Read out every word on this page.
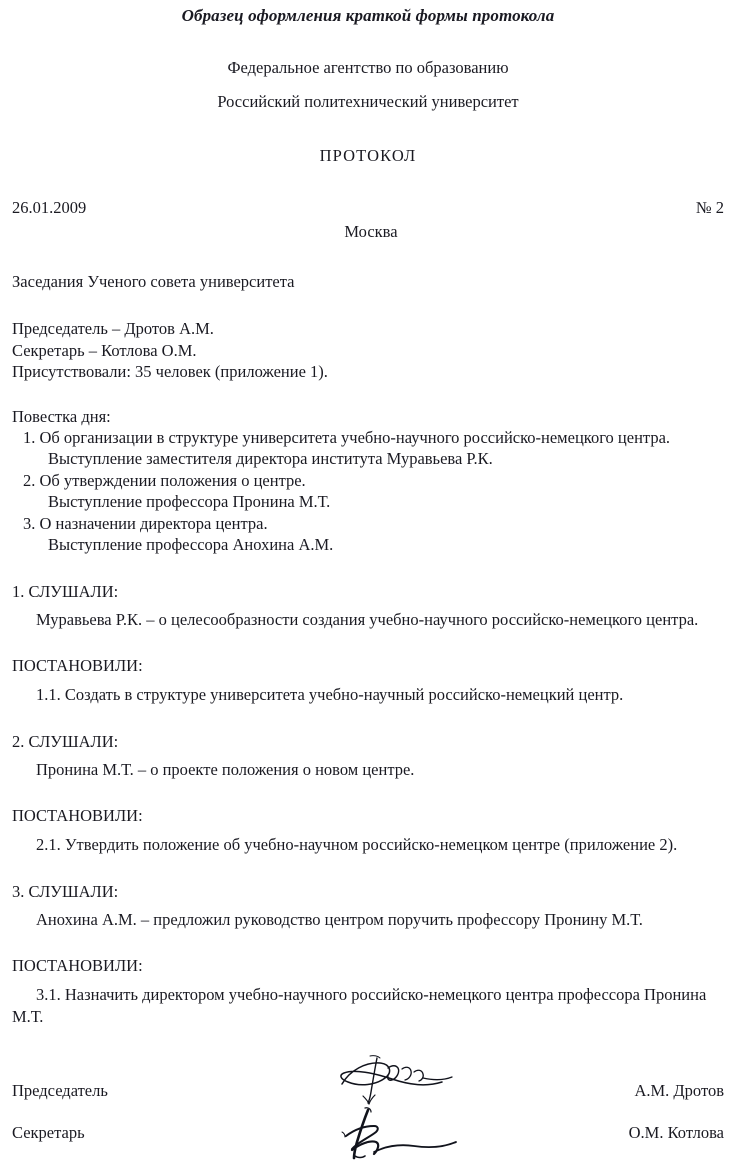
Образец оформления краткой формы протокола

Федеральное агентство по образованию

Российский политехнический университет

ПРОТОКОЛ

26.01.2009	№ 2

Москва

Заседания Ученого совета университета

Председатель – Дротов А.М.
Секретарь – Котлова О.М.
Присутствовали: 35 человек (приложение 1).

Повестка дня:

1. Об организации в структуре университета учебно-научного российско-немецкого центра.
Выступление заместителя директора института Муравьева Р.К.
2. Об утверждении положения о центре.
Выступление профессора Пронина М.Т.
3. О назначении директора центра.
Выступление профессора Анохина А.М.

1. СЛУШАЛИ:

Муравьева Р.К. – о целесообразности создания учебно-научного российско-немецкого центра.

ПОСТАНОВИЛИ:

1.1. Создать в структуре университета учебно-научный российско-немецкий центр.

2. СЛУШАЛИ:

Пронина М.Т. – о проекте положения о новом центре.

ПОСТАНОВИЛИ:

2.1. Утвердить положение об учебно-научном российско-немецком центре (приложение 2).

3. СЛУШАЛИ:

Анохина А.М. – предложил руководство центром поручить профессору Пронину М.Т.

ПОСТАНОВИЛИ:

3.1. Назначить директором учебно-научного российско-немецкого центра профессора Пронина М.Т.

Председатель	А.М. Дротов
Секретарь	О.М. Котлова
